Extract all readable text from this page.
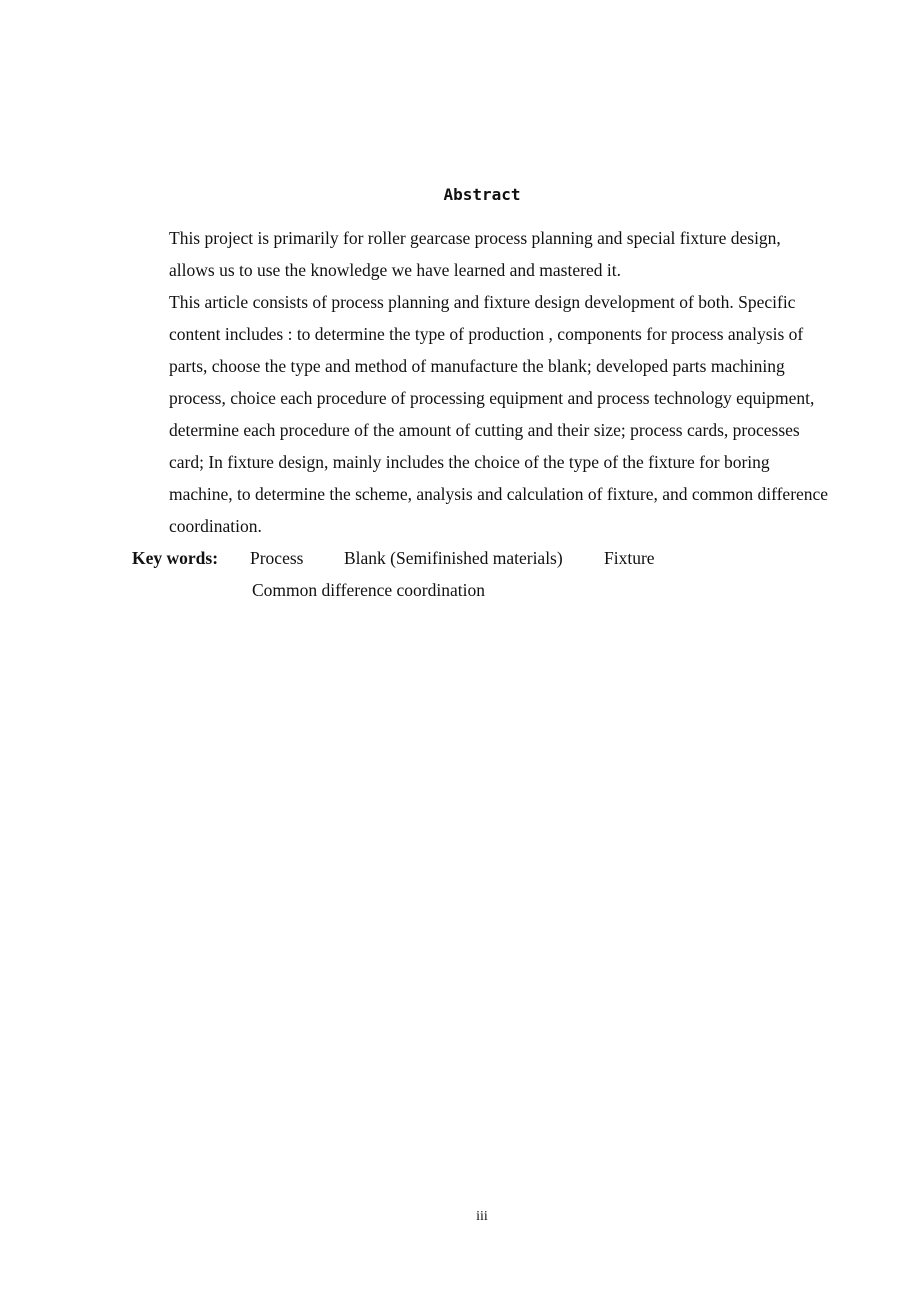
Abstract

This project is primarily for roller gearcase process planning and special fixture design,
allows us to use the knowledge we have learned and mastered it.

This article consists of process planning and fixture design development of both. Specific
content includes : to determine the type of production , components for process analysis of
parts, choose the type and method of manufacture the blank; developed parts machining
process, choice each procedure of processing equipment and process technology equipment,
determine each procedure of the amount of cutting and their size; process cards, processes
card; In fixture design, mainly includes the choice of the type of the fixture for boring
machine, to determine the scheme, analysis and calculation of fixture, and common difference
coordination.

Key words: Process Blank (Semifinished materials) Fixture
Common difference coordination
iii
